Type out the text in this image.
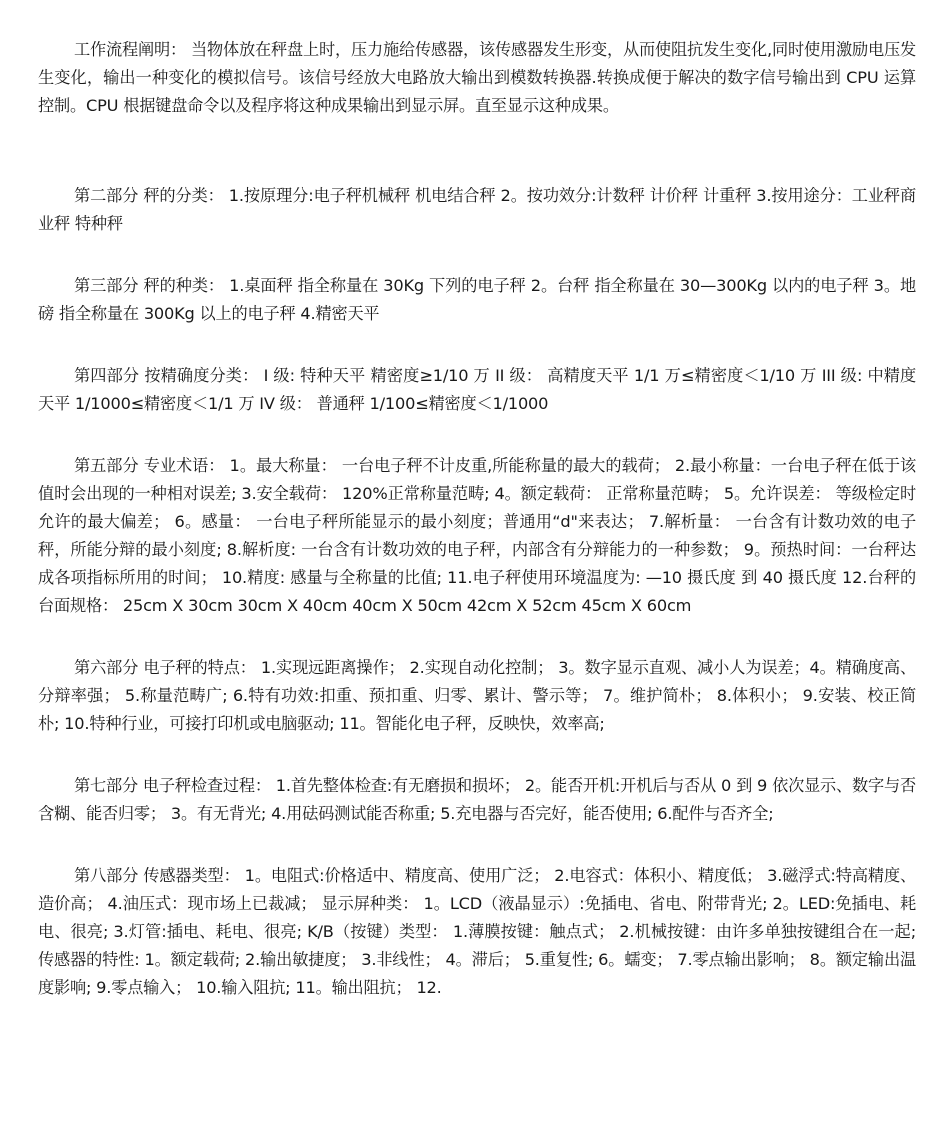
工作流程阐明： 当物体放在秤盘上时，压力施给传感器，该传感器发生形变，从而使阻抗发生变化,同时使用激励电压发生变化，输出一种变化的模拟信号。该信号经放大电路放大输出到模数转换器.转换成便于解决的数字信号输出到 CPU 运算控制。CPU 根据键盘命令以及程序将这种成果输出到显示屏。直至显示这种成果。

第二部分 秤的分类： 1.按原理分:电子秤机械秤 机电结合秤 2。按功效分:计数秤 计价秤 计重秤 3.按用途分：工业秤商业秤 特种秤

第三部分 秤的种类： 1.桌面秤 指全称量在 30Kg 下列的电子秤 2。台秤 指全称量在 30—300Kg 以内的电子秤 3。地磅 指全称量在 300Kg 以上的电子秤 4.精密天平

第四部分 按精确度分类： I 级: 特种天平 精密度≥1/10 万 II 级： 高精度天平 1/1 万≤精密度＜1/10 万 III 级: 中精度天平 1/1000≤精密度＜1/1 万 IV 级： 普通秤 1/100≤精密度＜1/1000

第五部分 专业术语： 1。最大称量： 一台电子秤不计皮重,所能称量的最大的载荷； 2.最小称量：一台电子秤在低于该值时会出现的一种相对误差; 3.安全载荷： 120%正常称量范畴; 4。额定载荷： 正常称量范畴； 5。允许误差： 等级检定时允许的最大偏差； 6。感量： 一台电子秤所能显示的最小刻度；普通用“d"来表达； 7.解析量： 一台含有计数功效的电子秤，所能分辩的最小刻度; 8.解析度: 一台含有计数功效的电子秤，内部含有分辩能力的一种参数； 9。预热时间：一台秤达成各项指标所用的时间； 10.精度: 感量与全称量的比值; 11.电子秤使用环境温度为: —10 摄氏度 到 40 摄氏度 12.台秤的台面规格： 25cm X 30cm 30cm X 40cm 40cm X 50cm 42cm X 52cm 45cm X 60cm

第六部分 电子秤的特点： 1.实现远距离操作； 2.实现自动化控制； 3。数字显示直观、减小人为误差；4。精确度高、分辩率强； 5.称量范畴广; 6.特有功效:扣重、预扣重、归零、累计、警示等； 7。维护简朴； 8.体积小； 9.安装、校正简朴; 10.特种行业，可接打印机或电脑驱动; 11。智能化电子秤，反映快，效率高;

第七部分 电子秤检查过程： 1.首先整体检查:有无磨损和损坏； 2。能否开机:开机后与否从 0 到 9 依次显示、数字与否含糊、能否归零； 3。有无背光; 4.用砝码测试能否称重; 5.充电器与否完好，能否使用; 6.配件与否齐全;

第八部分 传感器类型： 1。电阻式:价格适中、精度高、使用广泛； 2.电容式：体积小、精度低； 3.磁浮式:特高精度、造价高； 4.油压式：现市场上已裁减； 显示屏种类： 1。LCD（液晶显示）:免插电、省电、附带背光; 2。LED:免插电、耗电、很亮; 3.灯管:插电、耗电、很亮; K/B（按键）类型： 1.薄膜按键：触点式； 2.机械按键：由许多单独按键组合在一起; 传感器的特性: 1。额定载荷; 2.输出敏捷度； 3.非线性； 4。滞后； 5.重复性; 6。蠕变； 7.零点输出影响； 8。额定输出温度影响; 9.零点输入； 10.输入阻抗; 11。输出阻抗； 12.
